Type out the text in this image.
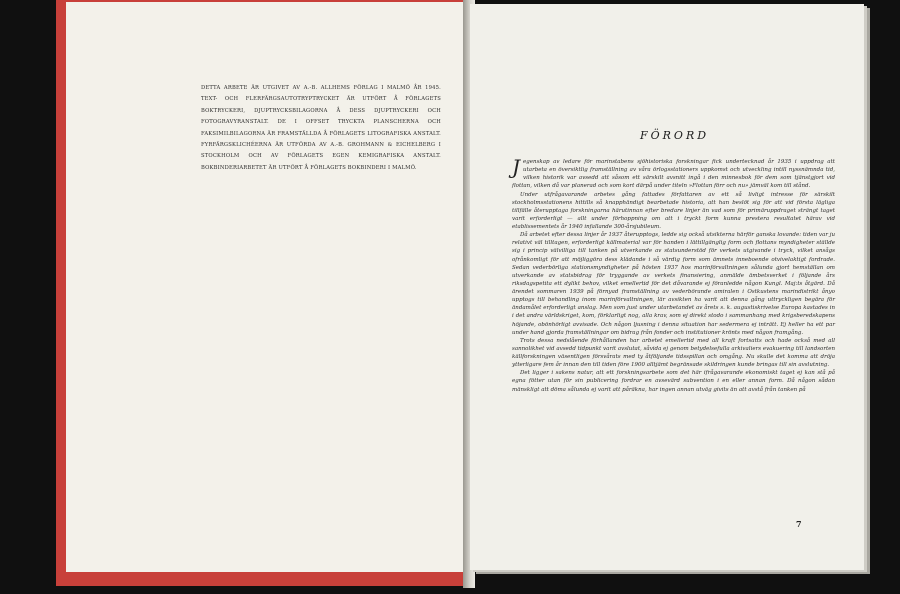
DETTA ARBETE ÄR UTGIVET AV A.-B. ALLHEMS FÖRLAG I MALMÖ ÅR 1945. TEXT- OCH FLERFÄRGSAUTOTRYPTRYCKET ÄR UTFÖRT Å FÖRLAGETS BOKTRYCKERI, DJUPTRYCKSBILAGORNA Å DESS DJUPTRYCKERI OCH FOTOGRAVYRANSTALT. DE I OFFSET TRYCKTA PLANSCHERNA OCH FAKSIMILBILAGORNA ÄR FRAMSTÄLLDA Å FÖRLAGETS LITOGRAFISKA ANSTALT. FYRFÄRGSKLICHÉERNA ÄR UTFÖRDA AV A.-B. GROHMANN & EICHELBERG I STOCKHOLM OCH AV FÖRLAGETS EGEN KEMIGRAFISKA ANSTALT. BOKBINDERIARBETET ÄR UTFÖRT Å FÖRLAGETS BOKBINDERI I MALMÖ.
FÖRORD

Jegenskap av ledare för marinstabens sjöhistoriska forskningar fick undertecknad år 1935 i uppdrag att utarbeta en översiktlig framställning av våra örlogsstationers uppkomst och utveckling intill nyssnämnda tid, vilken historik var avsedd att såsom ett särskilt avsnitt ingå i den minnesbok för dem som tjänstgjort vid flottan, vilken då var planerad och som kort därpå under titeln »Flottan förr och nu» jämväl kom till stånd.

Under utfrågavarande arbetes gång fattades författaren av ett så livligt intresse för särskilt stockholmsstationens hittills så knapphändigt bearbetade historia, att han beslöt sig för att vid första lägliga tillfälle återupptaga forskningarna härutinnan efter bredare linjer än vad som för primäruppdraget strängt taget varit erforderligt — allt under förhoppning om att i tryckt form kunna prestera resultatet härav vid etablissementets år 1940 infallande 300-årsjubileum.

Då arbetet efter dessa linjer år 1937 återupptogs, ledde sig också utsikterna härför ganska lovande: tiden var ju relativt väl tilltagen, erforderligt källmaterial var för handen i lättillgänglig form och flottans myndigheter ställde sig i princip välvilliga till tanken på utverkande av statsunderstöd för verkets utgivande i tryck, vilket ansågs ofrånkomligt för att möjliggöra dess klädande i så värdig form som ämnets inneboende otvivelaktigt fordrade. Sedan vederbörliga stationsmyndigheter på hösten 1937 hos marinförvaltningen sålunda gjort hemställan om utverkande av statsbidrag för tryggande av verkets finansiering, anmälde ämbetsverket i följande års riksdagspetita ett dylikt behov, vilket emellertid för det dåvarande ej föranledde någon Kungl. Maj:ts åtgärd. Då ärendet sommaren 1939 på förnyad framställning av vederbörande amiralen i Ostkustens marindistrikt ånyo upptogs till behandling inom marinförvaltningen, lär avsikten ha varit att denna gång uttryckligen begära för ändamålet erforderligt anslag. Men som just under utarbetandet av årets s. k. augustiskrivelse Europa kastades in i det andra världskriget, kom, förklarligt nog, alla krav, som ej direkt stodo i sammanhang med krigsberedskapens höjande, obönhörligt avvisade. Och någon ljusning i denna situation har sedermera ej inträtt. Ej heller ha ett par under hand gjorda framställningar om bidrag från fonder och institutioner krönts med någon framgång.

Trots dessa nedslående förhållanden har arbetet emellertid med all kraft fortsatts och hade också med all sannolikhet vid avsedd tidpunkt varit avslutat, såvida ej genom betydelsefulla arkivaliers evakuering till landsorten källforskningen väsentligen försvårats med ty åtföljande tidsspillan och omgång. Nu skulle det komma att dröja ytterligare fem år innan den till tiden före 1900 alltjämt begränsade skildringen kunde bringas till sin avslutning.

Det ligger i sakens natur, att ett forskningsarbete som det här ifrågavarande ekonomiskt taget ej kan stå på egna fötter utan för sin publicering fordrar en avsevärd subvention i en eller annan form. Då någon sådan mänskligt att döma sålunda ej varit att påräkna, har ingen annan utväg givits än att avstå från tanken på

7
